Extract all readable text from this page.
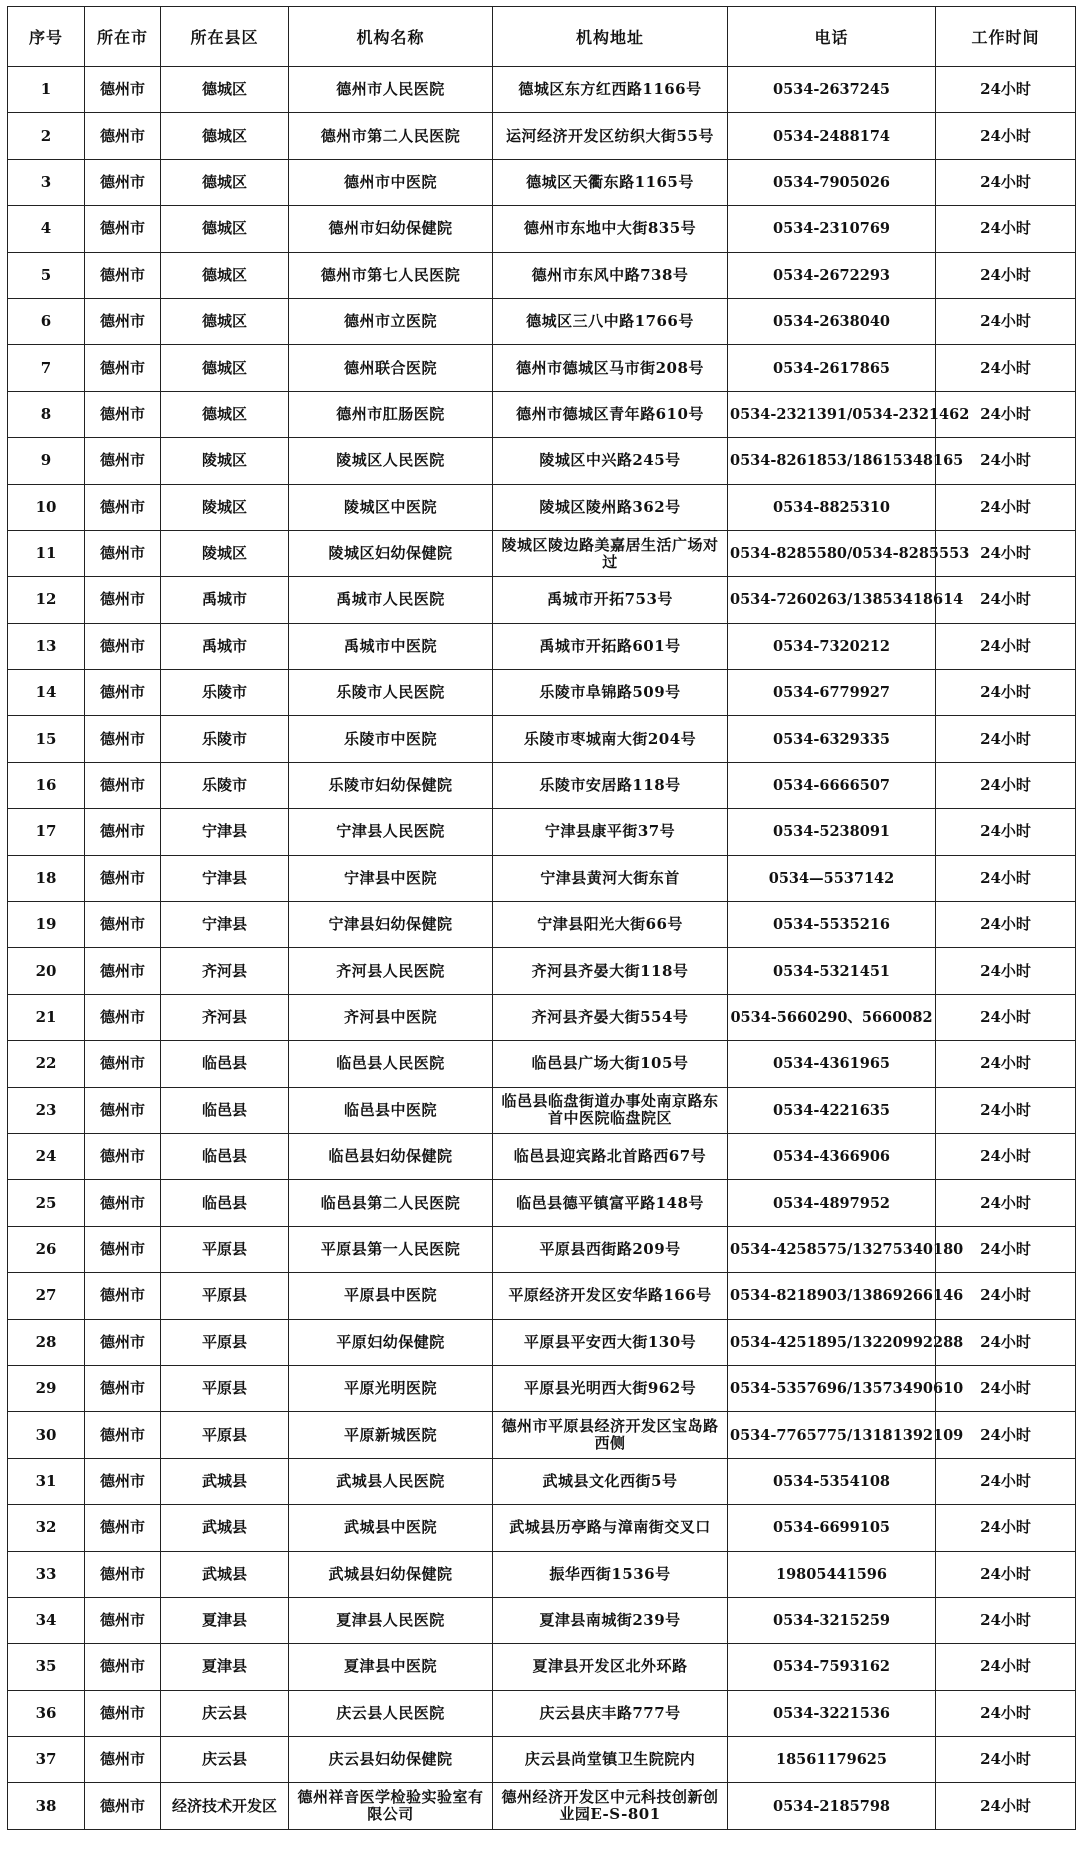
序号	所在市	所在县区	机构名称	机构地址	电话	工作时间
1	德州市	德城区	德州市人民医院	德城区东方红西路1166号	0534-2637245	24小时
2	德州市	德城区	德州市第二人民医院	运河经济开发区纺织大街55号	0534-2488174	24小时
3	德州市	德城区	德州市中医院	德城区天衢东路1165号	0534-7905026	24小时
4	德州市	德城区	德州市妇幼保健院	德州市东地中大街835号	0534-2310769	24小时
5	德州市	德城区	德州市第七人民医院	德州市东风中路738号	0534-2672293	24小时
6	德州市	德城区	德州市立医院	德城区三八中路1766号	0534-2638040	24小时
7	德州市	德城区	德州联合医院	德州市德城区马市街208号	0534-2617865	24小时
8	德州市	德城区	德州市肛肠医院	德州市德城区青年路610号	0534-2321391/0534-2321462	24小时
9	德州市	陵城区	陵城区人民医院	陵城区中兴路245号	0534-8261853/18615348165	24小时
10	德州市	陵城区	陵城区中医院	陵城区陵州路362号	0534-8825310	24小时
11	德州市	陵城区	陵城区妇幼保健院	陵城区陵边路美嘉居生活广场对过	0534-8285580/0534-8285553	24小时
12	德州市	禹城市	禹城市人民医院	禹城市开拓753号	0534-7260263/13853418614	24小时
13	德州市	禹城市	禹城市中医院	禹城市开拓路601号	0534-7320212	24小时
14	德州市	乐陵市	乐陵市人民医院	乐陵市阜锦路509号	0534-6779927	24小时
15	德州市	乐陵市	乐陵市中医院	乐陵市枣城南大街204号	0534-6329335	24小时
16	德州市	乐陵市	乐陵市妇幼保健院	乐陵市安居路118号	0534-6666507	24小时
17	德州市	宁津县	宁津县人民医院	宁津县康平街37号	0534-5238091	24小时
18	德州市	宁津县	宁津县中医院	宁津县黄河大街东首	0534—5537142	24小时
19	德州市	宁津县	宁津县妇幼保健院	宁津县阳光大街66号	0534-5535216	24小时
20	德州市	齐河县	齐河县人民医院	齐河县齐晏大街118号	0534-5321451	24小时
21	德州市	齐河县	齐河县中医院	齐河县齐晏大街554号	0534-5660290、5660082	24小时
22	德州市	临邑县	临邑县人民医院	临邑县广场大街105号	0534-4361965	24小时
23	德州市	临邑县	临邑县中医院	临邑县临盘街道办事处南京路东首中医院临盘院区	0534-4221635	24小时
24	德州市	临邑县	临邑县妇幼保健院	临邑县迎宾路北首路西67号	0534-4366906	24小时
25	德州市	临邑县	临邑县第二人民医院	临邑县德平镇富平路148号	0534-4897952	24小时
26	德州市	平原县	平原县第一人民医院	平原县西街路209号	0534-4258575/13275340180	24小时
27	德州市	平原县	平原县中医院	平原经济开发区安华路166号	0534-8218903/13869266146	24小时
28	德州市	平原县	平原妇幼保健院	平原县平安西大街130号	0534-4251895/13220992288	24小时
29	德州市	平原县	平原光明医院	平原县光明西大街962号	0534-5357696/13573490610	24小时
30	德州市	平原县	平原新城医院	德州市平原县经济开发区宝岛路西侧	0534-7765775/13181392109	24小时
31	德州市	武城县	武城县人民医院	武城县文化西街5号	0534-5354108	24小时
32	德州市	武城县	武城县中医院	武城县历亭路与漳南街交叉口	0534-6699105	24小时
33	德州市	武城县	武城县妇幼保健院	振华西街1536号	19805441596	24小时
34	德州市	夏津县	夏津县人民医院	夏津县南城街239号	0534-3215259	24小时
35	德州市	夏津县	夏津县中医院	夏津县开发区北外环路	0534-7593162	24小时
36	德州市	庆云县	庆云县人民医院	庆云县庆丰路777号	0534-3221536	24小时
37	德州市	庆云县	庆云县妇幼保健院	庆云县尚堂镇卫生院院内	18561179625	24小时
38	德州市	经济技术开发区	德州祥音医学检验实验室有限公司	德州经济开发区中元科技创新创业园E-S-801	0534-2185798	24小时
